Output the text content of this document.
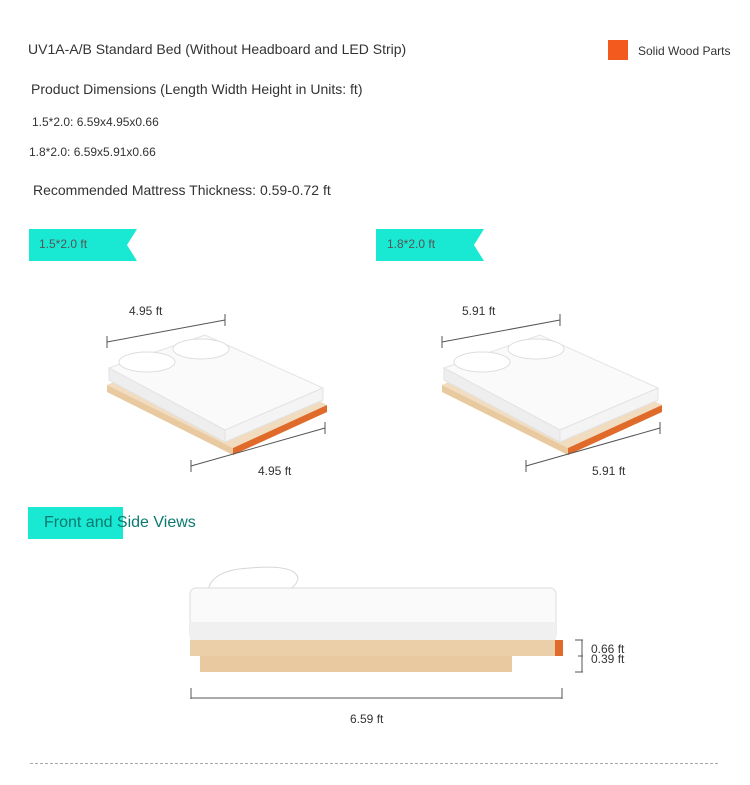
UV1A-A/B Standard Bed (Without Headboard and LED Strip)	Solid Wood Parts
Product Dimensions (Length Width Height in Units: ft)
1.5*2.0: 6.59x4.95x0.66
1.8*2.0: 6.59x5.91x0.66
Recommended Mattress Thickness: 0.59-0.72 ft
1.5*2.0 ft	1.8*2.0 ft
4.95 ft
4.95 ft
5.91 ft
5.91 ft
Front and Side Views
0.66 ft
0.39 ft
6.59 ft
